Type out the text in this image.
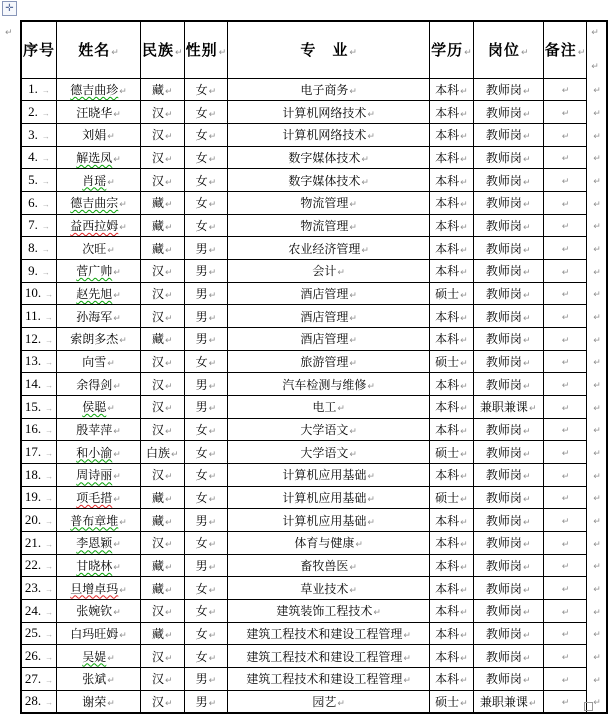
✛
↵
序号	姓名↵	民族↵	性别↵	专　业↵	学历↵	岗位↵	备注↵	↵
↵

1. →	德吉曲珍↵	藏↵	女↵	电子商务↵	本科↵	教师岗↵	↵	↵
2. →	汪晓华↵	汉↵	女↵	计算机网络技术↵	本科↵	教师岗↵	↵	↵
3. →	刘娟↵	汉↵	女↵	计算机网络技术↵	本科↵	教师岗↵	↵	↵
4. →	解选凤↵	汉↵	女↵	数字媒体技术↵	本科↵	教师岗↵	↵	↵
5. →	肖瑶↵	汉↵	女↵	数字媒体技术↵	本科↵	教师岗↵	↵	↵
6. →	德吉曲宗↵	藏↵	女↵	物流管理↵	本科↵	教师岗↵	↵	↵
7. →	益西拉姆↵	藏↵	女↵	物流管理↵	本科↵	教师岗↵	↵	↵
8. →	次旺↵	藏↵	男↵	农业经济管理↵	本科↵	教师岗↵	↵	↵
9. →	菅广帅↵	汉↵	男↵	会计↵	本科↵	教师岗↵	↵	↵
10. →	赵先旭↵	汉↵	男↵	酒店管理↵	硕士↵	教师岗↵	↵	↵
11. →	孙海军↵	汉↵	男↵	酒店管理↵	本科↵	教师岗↵	↵	↵
12. →	索朗多杰↵	藏↵	男↵	酒店管理↵	本科↵	教师岗↵	↵	↵
13. →	向雪↵	汉↵	女↵	旅游管理↵	硕士↵	教师岗↵	↵	↵
14. →	余得剑↵	汉↵	男↵	汽车检测与维修↵	本科↵	教师岗↵	↵	↵
15. →	侯聪↵	汉↵	男↵	电工↵	本科↵	兼职兼课↵	↵	↵
16. →	殷苹萍↵	汉↵	女↵	大学语文↵	本科↵	教师岗↵	↵	↵
17. →	和小渝↵	白族↵	女↵	大学语文↵	硕士↵	教师岗↵	↵	↵
18. →	周诗丽↵	汉↵	女↵	计算机应用基础↵	本科↵	教师岗↵	↵	↵
19. →	项毛措↵	藏↵	女↵	计算机应用基础↵	硕士↵	教师岗↵	↵	↵
20. →	普布章堆↵	藏↵	男↵	计算机应用基础↵	本科↵	教师岗↵	↵	↵
21. →	李恩颖↵	汉↵	女↵	体育与健康↵	本科↵	教师岗↵	↵	↵
22. →	甘晓林↵	藏↵	男↵	畜牧兽医↵	本科↵	教师岗↵	↵	↵
23. →	旦增卓玛↵	藏↵	女↵	草业技术↵	本科↵	教师岗↵	↵	↵
24. →	张婉钦↵	汉↵	女↵	建筑装饰工程技术↵	本科↵	教师岗↵	↵	↵
25. →	白玛旺姆↵	藏↵	女↵	建筑工程技术和建设工程管理↵	本科↵	教师岗↵	↵	↵
26. →	吴媞↵	汉↵	女↵	建筑工程技术和建设工程管理↵	本科↵	教师岗↵	↵	↵
27. →	张斌↵	汉↵	男↵	建筑工程技术和建设工程管理↵	本科↵	教师岗↵	↵	↵
28. →	谢荣↵	汉↵	男↵	园艺↵	硕士↵	兼职兼课↵	↵	↵
